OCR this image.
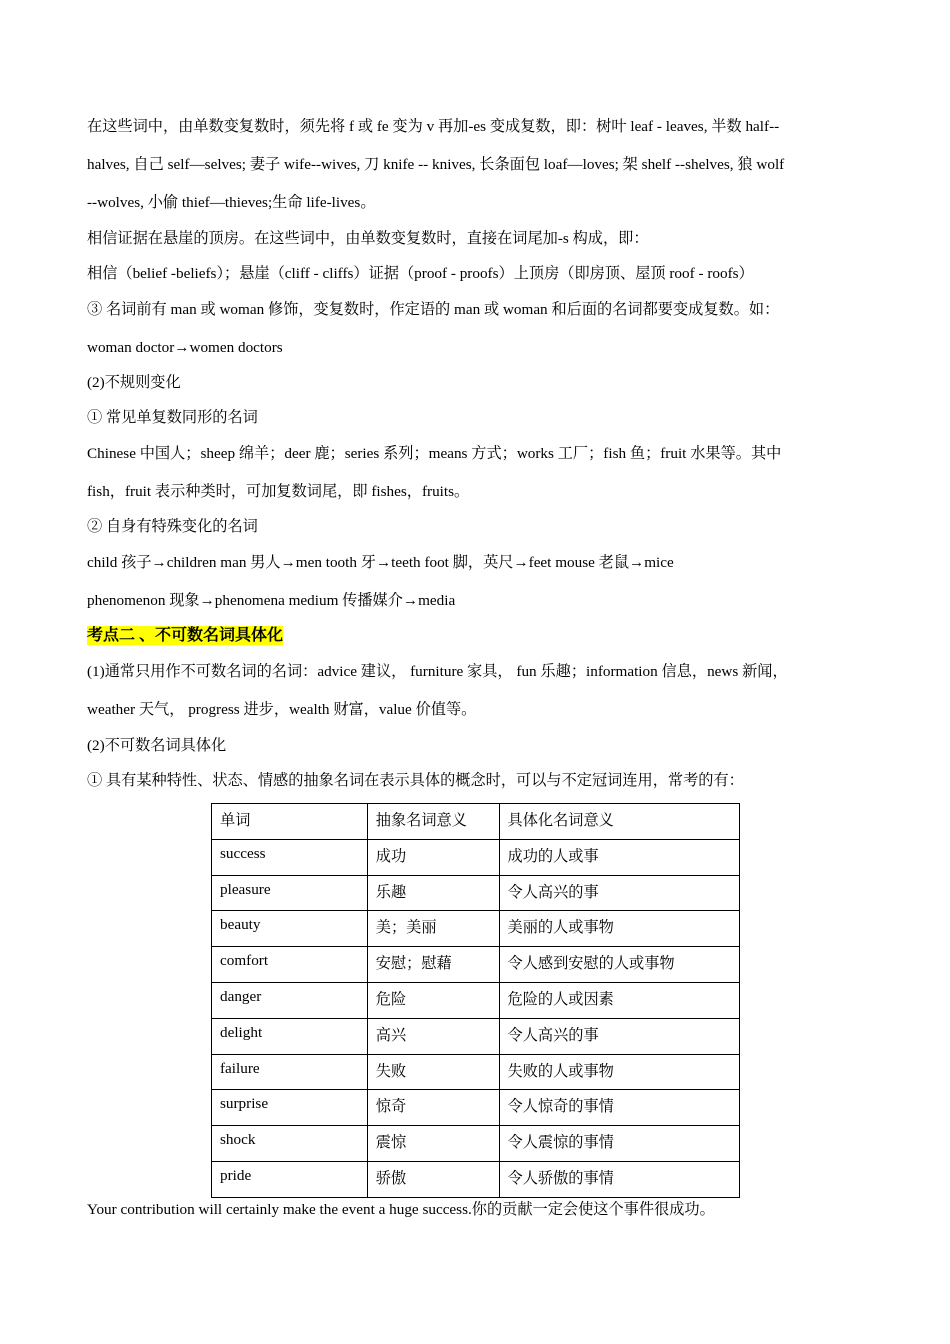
在这些词中，由单数变复数时，须先将 f 或 fe 变为 v 再加-es 变成复数，即：树叶 leaf - leaves, 半数 half--
halves, 自己 self—selves; 妻子 wife--wives, 刀 knife -- knives, 长条面包 loaf—loves; 架 shelf --shelves, 狼 wolf
--wolves, 小偷 thief—thieves;生命 life-lives。
相信证据在悬崖的顶房。在这些词中，由单数变复数时，直接在词尾加-s 构成，即：
相信（belief -beliefs）；悬崖（cliff - cliffs）证据（proof - proofs）上顶房（即房顶、屋顶 roof - roofs）
③ 名词前有 man 或 woman 修饰，变复数时，作定语的 man 或 woman 和后面的名词都要变成复数。如：
woman doctor→women doctors
(2)不规则变化
① 常见单复数同形的名词
Chinese 中国人；sheep 绵羊；deer 鹿；series 系列；means 方式；works 工厂；fish 鱼；fruit 水果等。其中
fish，fruit 表示种类时，可加复数词尾，即 fishes，fruits。
② 自身有特殊变化的名词
child 孩子→children man 男人→men tooth 牙→teeth foot 脚，英尺→feet mouse 老鼠→mice
phenomenon 现象→phenomena medium 传播媒介→media
考点二 、不可数名词具体化
(1)通常只用作不可数名词的名词：advice 建议， furniture 家具， fun 乐趣；information 信息，news 新闻，
weather 天气， progress 进步，wealth 财富，value 价值等。
(2)不可数名词具体化
① 具有某种特性、状态、情感的抽象名词在表示具体的概念时，可以与不定冠词连用，常考的有：
单词	抽象名词意义	具体化名词意义

success	成功	成功的人或事

pleasure	乐趣	令人高兴的事

beauty	美；美丽	美丽的人或事物

comfort	安慰；慰藉	令人感到安慰的人或事物

danger	危险	危险的人或因素

delight	高兴	令人高兴的事

failure	失败	失败的人或事物

surprise	惊奇	令人惊奇的事情

shock	震惊	令人震惊的事情

pride	骄傲	令人骄傲的事情
Your contribution will certainly make the event a huge success.你的贡献一定会使这个事件很成功。
